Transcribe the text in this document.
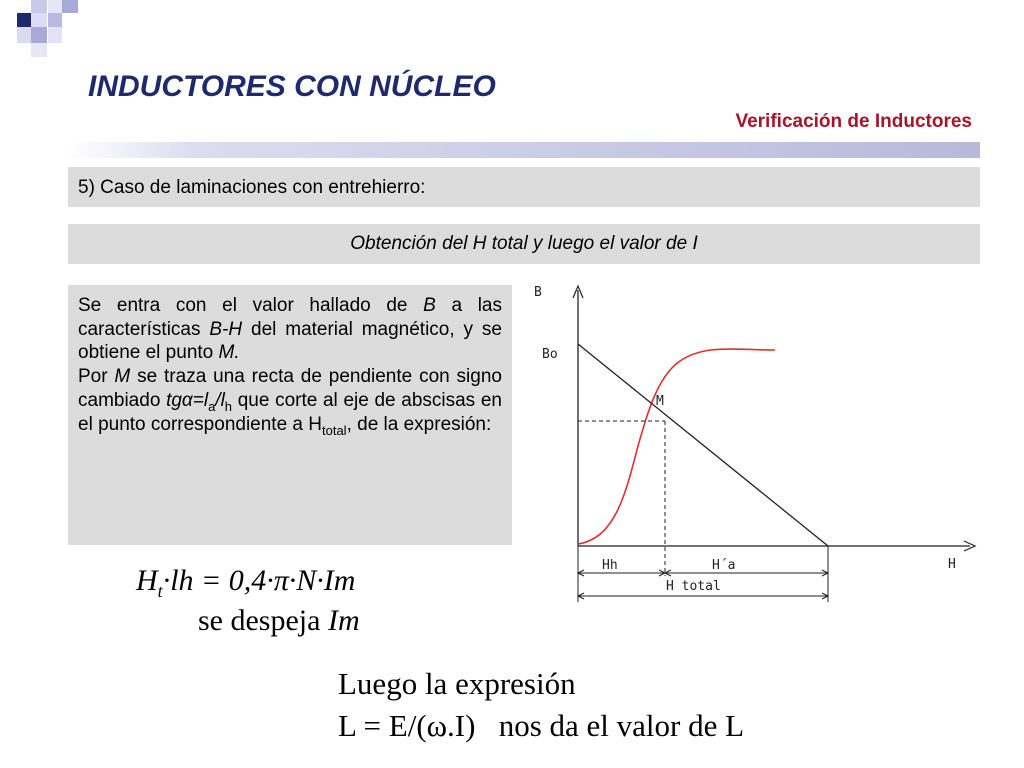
INDUCTORES CON NÚCLEO
Verificación de Inductores
5) Caso de laminaciones con entrehierro:
Obtención del H total y luego el valor de I

Se entra con el valor hallado de B a las características B-H del material magnético, y se obtiene el punto M.

Por M se traza una recta de pendiente con signo cambiado $tg\alpha=l_a/l_h$ que corte al eje de abscisas en el punto correspondiente a $H_{total}$, de la expresión:

B
Bo
M
H
Hh	H´a
H total
$H_t\cdot lh = 0,4\cdot\pi\cdot N\cdot Im$
se despeja Im
Luego la expresión
L = E/(ω.I)   nos da el valor de L
